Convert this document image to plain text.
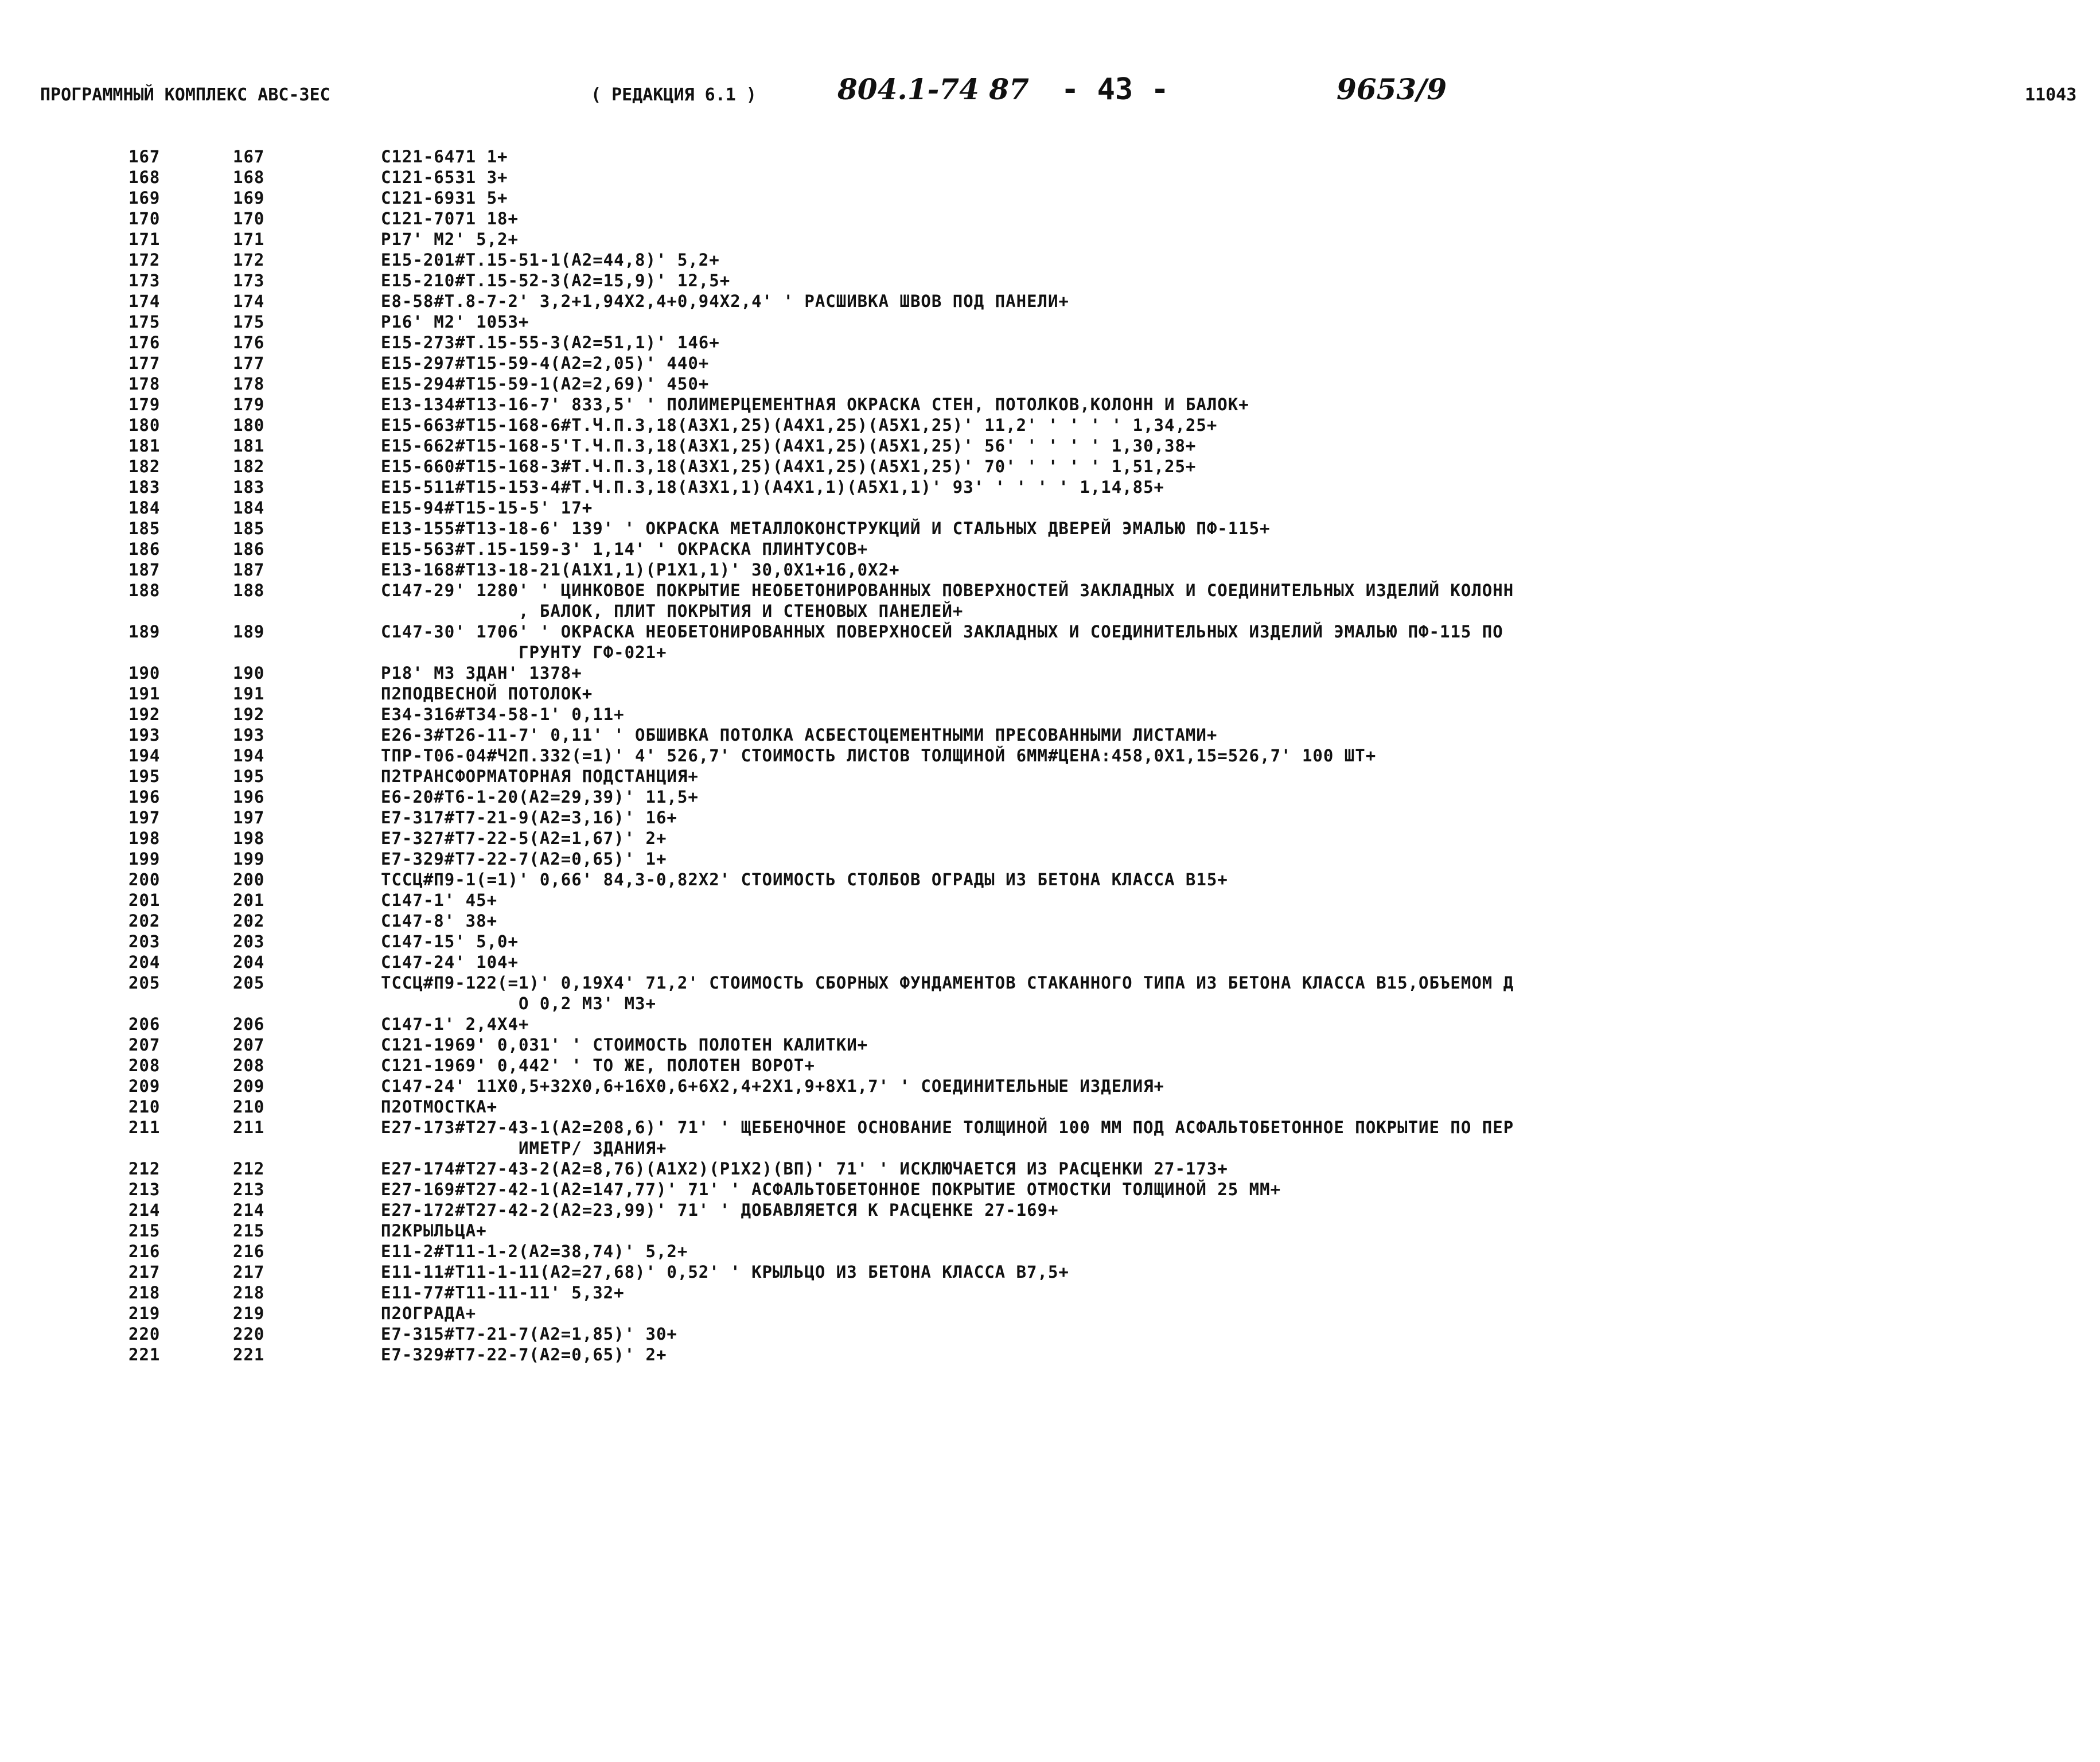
ПРОГРАММНЫЙ КОМПЛЕКС АВС-ЗЕС	( РЕДАКЦИЯ 6.1 )	804.1-74 87 - 43 -	9653/9	11043
167	167	С121-6471 1+
168	168	С121-6531 3+
169	169	С121-6931 5+
170	170	С121-7071 18+
171	171	Р17' М2' 5,2+
172	172	Е15-201#Т.15-51-1(А2=44,8)' 5,2+
173	173	Е15-210#Т.15-52-3(А2=15,9)' 12,5+
174	174	Е8-58#Т.8-7-2' 3,2+1,94Х2,4+0,94Х2,4' ' РАСШИВКА ШВОВ ПОД ПАНЕЛИ+
175	175	Р16' М2' 1053+
176	176	Е15-273#Т.15-55-3(А2=51,1)' 146+
177	177	Е15-297#Т15-59-4(А2=2,05)' 440+
178	178	Е15-294#Т15-59-1(А2=2,69)' 450+
179	179	Е13-134#Т13-16-7' 833,5' ' ПОЛИМЕРЦЕМЕНТНАЯ ОКРАСКА СТЕН, ПОТОЛКОВ,КОЛОНН И БАЛОК+
180	180	Е15-663#Т15-168-6#Т.Ч.П.3,18(А3Х1,25)(А4Х1,25)(А5Х1,25)' 11,2' ' ' ' ' 1,34,25+
181	181	Е15-662#Т15-168-5'Т.Ч.П.3,18(А3Х1,25)(А4Х1,25)(А5Х1,25)' 56' ' ' ' ' 1,30,38+
182	182	Е15-660#Т15-168-3#Т.Ч.П.3,18(А3Х1,25)(А4Х1,25)(А5Х1,25)' 70' ' ' ' ' 1,51,25+
183	183	Е15-511#Т15-153-4#Т.Ч.П.3,18(А3Х1,1)(А4Х1,1)(А5Х1,1)' 93' ' ' ' ' 1,14,85+
184	184	Е15-94#Т15-15-5' 17+
185	185	Е13-155#Т13-18-6' 139' ' ОКРАСКА МЕТАЛЛОКОНСТРУКЦИЙ И СТАЛЬНЫХ ДВЕРЕЙ ЭМАЛЬЮ ПФ-115+
186	186	Е15-563#Т.15-159-3' 1,14' ' ОКРАСКА ПЛИНТУСОВ+
187	187	Е13-168#Т13-18-21(А1Х1,1)(Р1Х1,1)' 30,0Х1+16,0Х2+
188	188	С147-29' 1280' ' ЦИНКОВОЕ ПОКРЫТИЕ НЕОБЕТОНИРОВАННЫХ ПОВЕРХНОСТЕЙ ЗАКЛАДНЫХ И СОЕДИНИТЕЛЬНЫХ ИЗДЕЛИЙ КОЛОНН
, БАЛОК, ПЛИТ ПОКРЫТИЯ И СТЕНОВЫХ ПАНЕЛЕЙ+
189	189	С147-30' 1706' ' ОКРАСКА НЕОБЕТОНИРОВАННЫХ ПОВЕРХНОСЕЙ ЗАКЛАДНЫХ И СОЕДИНИТЕЛЬНЫХ ИЗДЕЛИЙ ЭМАЛЬЮ ПФ-115 ПО
ГРУНТУ ГФ-021+
190	190	Р18' М3 ЗДАН' 1378+
191	191	П2ПОДВЕСНОЙ ПОТОЛОК+
192	192	Е34-316#Т34-58-1' 0,11+
193	193	Е26-3#Т26-11-7' 0,11' ' ОБШИВКА ПОТОЛКА АСБЕСТОЦЕМЕНТНЫМИ ПРЕСОВАННЫМИ ЛИСТАМИ+
194	194	ТПР-Т06-04#Ч2П.332(=1)' 4' 526,7' СТОИМОСТЬ ЛИСТОВ ТОЛЩИНОЙ 6ММ#ЦЕНА:458,0Х1,15=526,7' 100 ШТ+
195	195	П2ТРАНСФОРМАТОРНАЯ ПОДСТАНЦИЯ+
196	196	Е6-20#Т6-1-20(А2=29,39)' 11,5+
197	197	Е7-317#Т7-21-9(А2=3,16)' 16+
198	198	Е7-327#Т7-22-5(А2=1,67)' 2+
199	199	Е7-329#Т7-22-7(А2=0,65)' 1+
200	200	ТССЦ#П9-1(=1)' 0,66' 84,3-0,82Х2' СТОИМОСТЬ СТОЛБОВ ОГРАДЫ ИЗ БЕТОНА КЛАССА В15+
201	201	С147-1' 45+
202	202	С147-8' 38+
203	203	С147-15' 5,0+
204	204	С147-24' 104+
205	205	ТССЦ#П9-122(=1)' 0,19Х4' 71,2' СТОИМОСТЬ СБОРНЫХ ФУНДАМЕНТОВ СТАКАННОГО ТИПА ИЗ БЕТОНА КЛАССА В15,ОБЪЕМОМ Д
О 0,2 М3' М3+
206	206	С147-1' 2,4Х4+
207	207	С121-1969' 0,031' ' СТОИМОСТЬ ПОЛОТЕН КАЛИТКИ+
208	208	С121-1969' 0,442' ' ТО ЖЕ, ПОЛОТЕН ВОРОТ+
209	209	С147-24' 11Х0,5+32Х0,6+16Х0,6+6Х2,4+2Х1,9+8Х1,7' ' СОЕДИНИТЕЛЬНЫЕ ИЗДЕЛИЯ+
210	210	П2ОТМОСТКА+
211	211	Е27-173#Т27-43-1(А2=208,6)' 71' ' ЩЕБЕНОЧНОЕ ОСНОВАНИЕ ТОЛЩИНОЙ 100 ММ ПОД АСФАЛЬТОБЕТОННОЕ ПОКРЫТИЕ ПО ПЕР
ИМЕТР/ ЗДАНИЯ+
212	212	Е27-174#Т27-43-2(А2=8,76)(А1Х2)(Р1Х2)(ВП)' 71' ' ИСКЛЮЧАЕТСЯ ИЗ РАСЦЕНКИ 27-173+
213	213	Е27-169#Т27-42-1(А2=147,77)' 71' ' АСФАЛЬТОБЕТОННОЕ ПОКРЫТИЕ ОТМОСТКИ ТОЛЩИНОЙ 25 ММ+
214	214	Е27-172#Т27-42-2(А2=23,99)' 71' ' ДОБАВЛЯЕТСЯ К РАСЦЕНКЕ 27-169+
215	215	П2КРЫЛЬЦА+
216	216	Е11-2#Т11-1-2(А2=38,74)' 5,2+
217	217	Е11-11#Т11-1-11(А2=27,68)' 0,52' ' КРЫЛЬЦО ИЗ БЕТОНА КЛАССА В7,5+
218	218	Е11-77#Т11-11-11' 5,32+
219	219	П2ОГРАДА+
220	220	Е7-315#Т7-21-7(А2=1,85)' 30+
221	221	Е7-329#Т7-22-7(А2=0,65)' 2+
